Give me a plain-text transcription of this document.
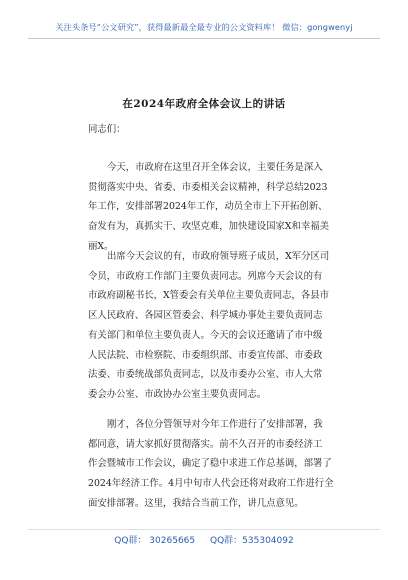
关注头条号“公文研究”，获得最新最全最专业的公文资料库！ 微信：gongwenyj
在2024年政府全体会议上的讲话
同志们：
今天，市政府在这里召开全体会议，主要任务是深入
贯彻落实中央、省委、市委相关会议精神，科学总结2023
年工作，安排部署2024年工作，动员全市上下开拓创新、
奋发有为，真抓实干、攻坚克难，加快建设国家X和幸福美
丽X。
出席今天会议的有，市政府领导班子成员，X军分区司
令员，市政府工作部门主要负责同志。列席今天会议的有
市政府副秘书长，X管委会有关单位主要负责同志，各县市
区人民政府、各园区管委会、科学城办事处主要负责同志
有关部门和单位主要负责人。今天的会议还邀请了市中级
人民法院、市检察院、市委组织部、市委宣传部、市委政
法委、市委统战部负责同志，以及市委办公室、市人大常
委会办公室、市政协办公室主要负责同志。
刚才，各位分管领导对今年工作进行了安排部署，我
都同意，请大家抓好贯彻落实。前不久召开的市委经济工
作会暨城市工作会议，确定了稳中求进工作总基调，部署了
2024年经济工作。4月中旬市人代会还将对政府工作进行全
面安排部署。这里，我结合当前工作，讲几点意见。
QQ群： 30265665 QQ群：535304092
